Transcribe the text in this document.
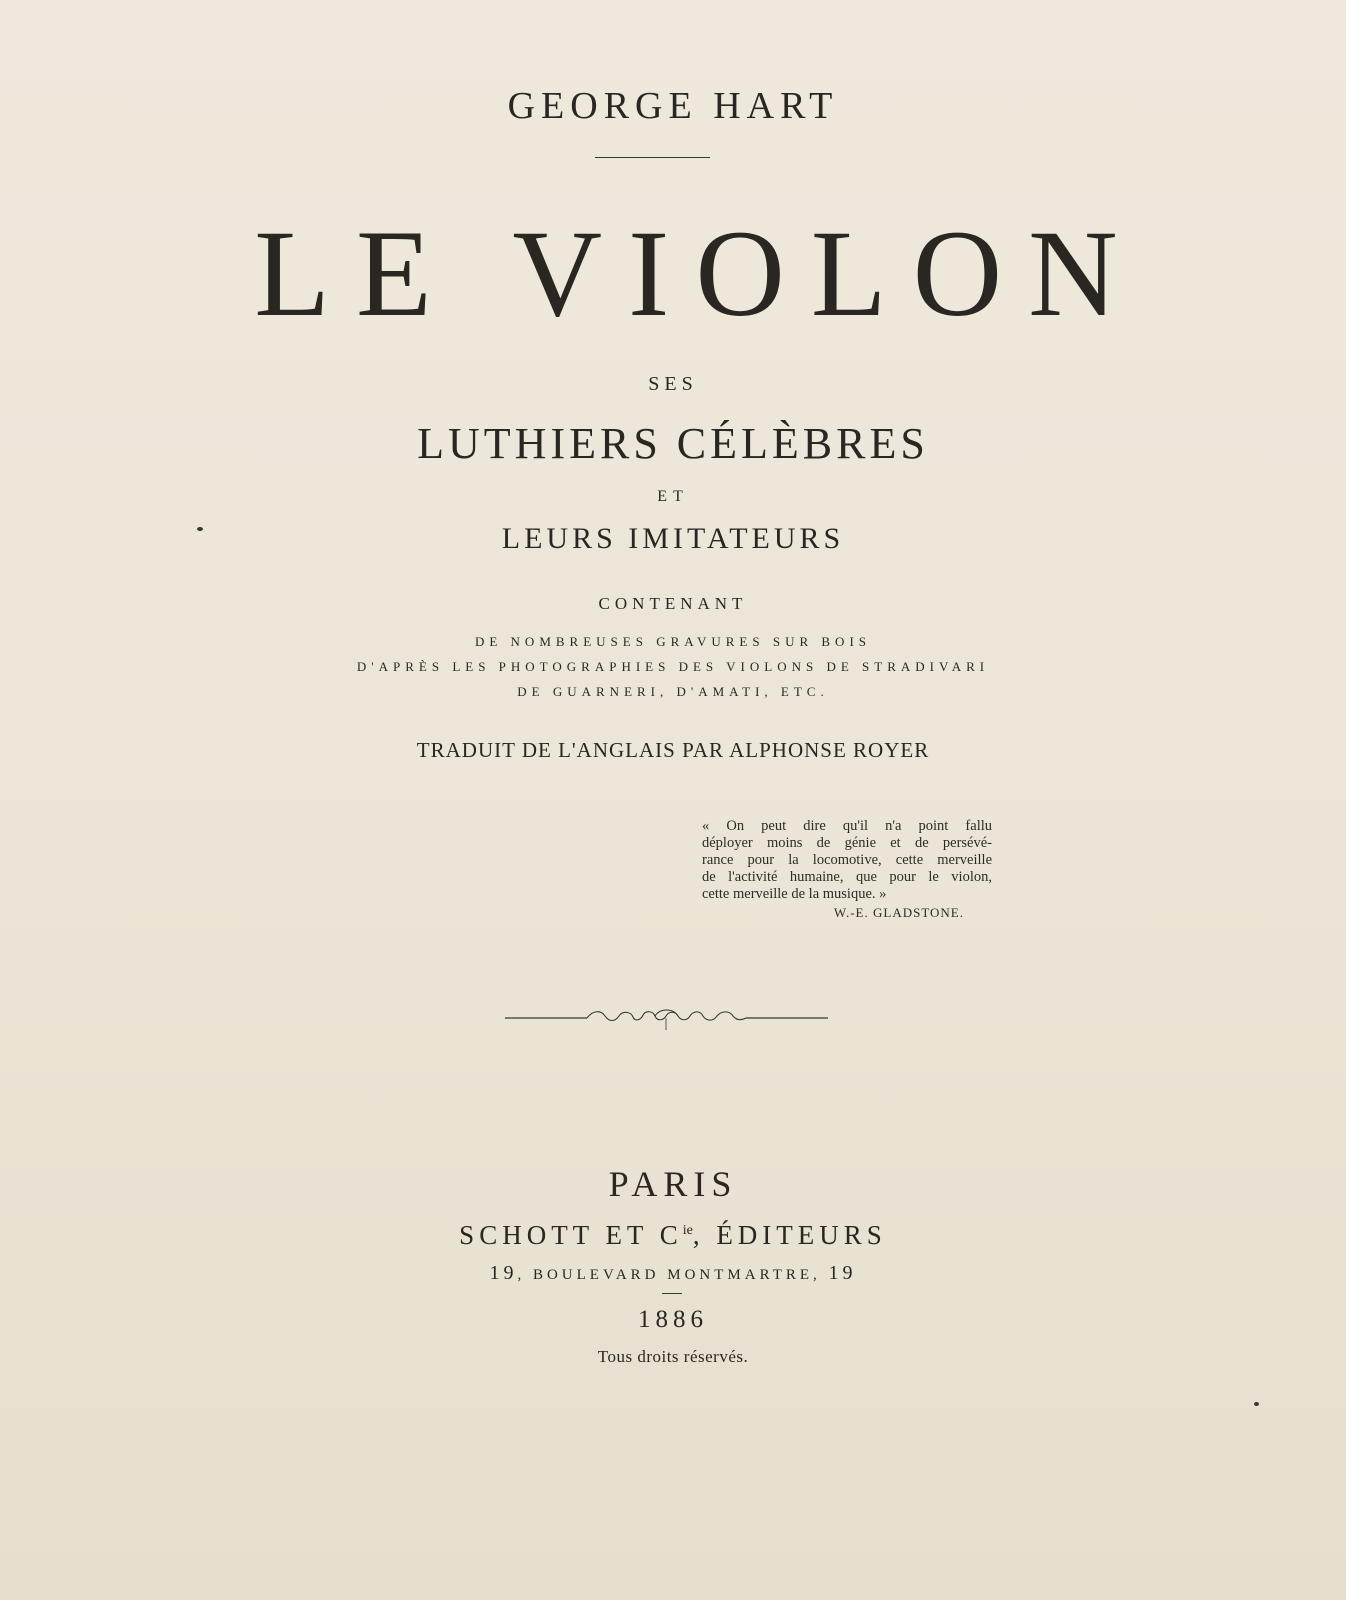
GEORGE HART
LE VIOLON
SES
LUTHIERS CÉLÈBRES
ET
LEURS IMITATEURS
CONTENANT
DE NOMBREUSES GRAVURES SUR BOIS
D'APRÈS LES PHOTOGRAPHIES DES VIOLONS DE STRADIVARI
DE GUARNERI, D'AMATI, ETC.
TRADUIT DE L'ANGLAIS PAR ALPHONSE ROYER
« On peut dire qu'il n'a point fallu
déployer moins de génie et de persévé-
rance pour la locomotive, cette merveille
de l'activité humaine, que pour le violon,
cette merveille de la musique. »
W.-E. GLADSTONE.
PARIS
SCHOTT ET $C^{ie}$, ÉDITEURS
19, BOULEVARD MONTMARTRE, 19
1886
Tous droits réservés.
